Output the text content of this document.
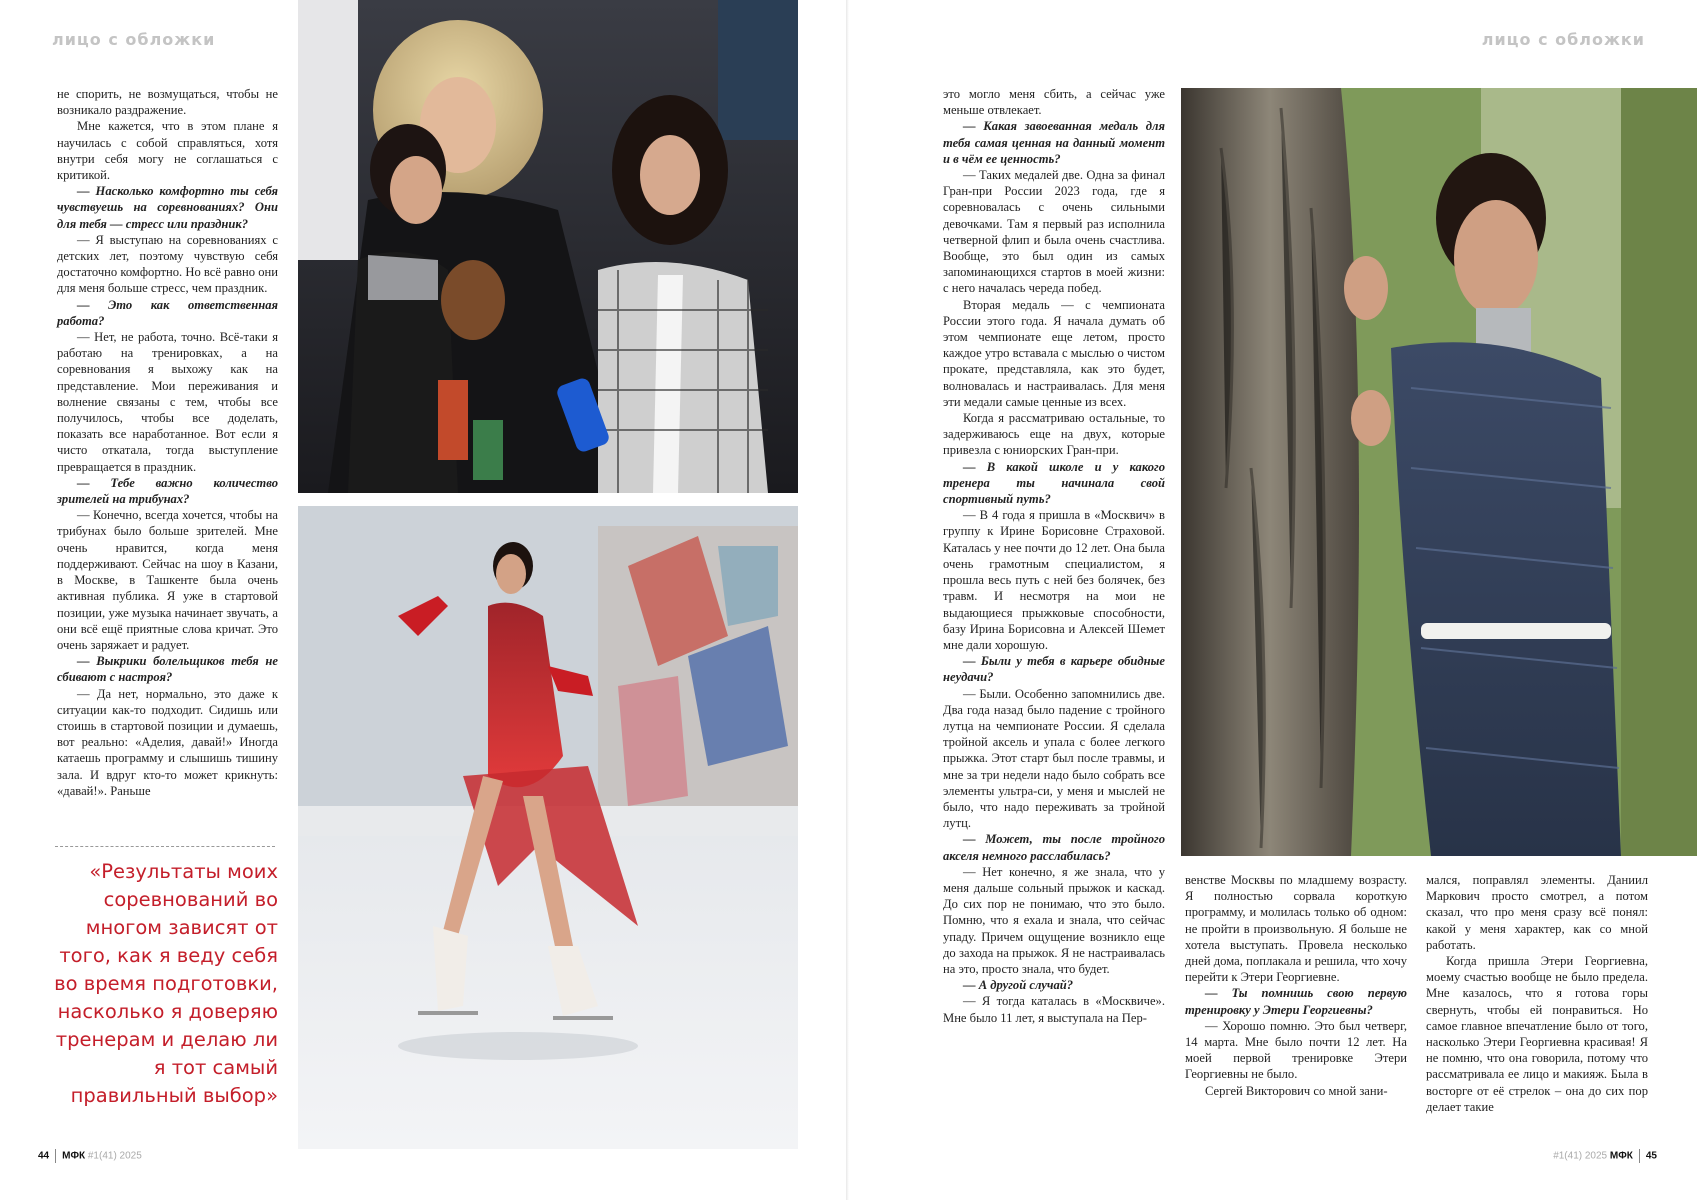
лицо с обложки

не спорить, не возмущаться, чтобы не возникало раздражение.

Мне кажется, что в этом плане я научилась с собой справляться, хотя внутри себя могу не соглашаться с критикой.

— Насколько комфортно ты себя чувствуешь на соревнованиях? Они для тебя — стресс или праздник?

— Я выступаю на соревнованиях с детских лет, поэтому чувствую себя достаточно комфортно. Но всё равно они для меня больше стресс, чем праздник.

— Это как ответственная работа?

— Нет, не работа, точно. Всё-таки я работаю на тренировках, а на соревнования я выхожу как на представление. Мои переживания и волнение связаны с тем, чтобы все получилось, чтобы все доделать, показать все наработанное. Вот если я чисто откатала, тогда выступление превращается в праздник.

— Тебе важно количество зрителей на трибунах?

— Конечно, всегда хочется, чтобы на трибунах было больше зрителей. Мне очень нравится, когда меня поддерживают. Сейчас на шоу в Казани, в Москве, в Ташкенте была очень активная публика. Я уже в стартовой позиции, уже музыка начинает звучать, а они всё ещё приятные слова кричат. Это очень заряжает и радует.

— Выкрики болельщиков тебя не сбивают с настроя?

— Да нет, нормально, это даже к ситуации как-то подходит. Сидишь или стоишь в стартовой позиции и думаешь, вот реально: «Аделия, давай!» Иногда катаешь программу и слышишь тишину зала. И вдруг кто-то может крикнуть: «давай!». Раньше

«Результаты моих соревнований во многом зависят от того, как я веду себя во время подготовки, насколько я доверяю тренерам и делаю ли я тот самый правильный выбор»
44 МФК #1(41) 2025
лицо с обложки

это могло меня сбить, а сейчас уже меньше отвлекает.

— Какая завоеванная медаль для тебя самая ценная на данный момент и в чём ее ценность?

— Таких медалей две. Одна за финал Гран-при России 2023 года, где я соревновалась с очень сильными девочками. Там я первый раз исполнила четверной флип и была очень счастлива. Вообще, это был один из самых запоминающихся стартов в моей жизни: с него началась череда побед.

Вторая медаль — с чемпионата России этого года. Я начала думать об этом чемпионате еще летом, просто каждое утро вставала с мыслью о чистом прокате, представляла, как это будет, волновалась и настраивалась. Для меня эти медали самые ценные из всех.

Когда я рассматриваю остальные, то задерживаюсь еще на двух, которые привезла с юниорских Гран-при.

— В какой школе и у какого тренера ты начинала свой спортивный путь?

— В 4 года я пришла в «Москвич» в группу к Ирине Борисовне Страховой. Каталась у нее почти до 12 лет. Она была очень грамотным специалистом, я прошла весь путь с ней без болячек, без травм. И несмотря на мои не выдающиеся прыжковые способности, базу Ирина Борисовна и Алексей Шемет мне дали хорошую.

— Были у тебя в карьере обидные неудачи?

— Были. Особенно запомнились две. Два года назад было падение с тройного лутца на чемпионате России. Я сделала тройной аксель и упала с более легкого прыжка. Этот старт был после травмы, и мне за три недели надо было собрать все элементы ультра-си, у меня и мыслей не было, что надо переживать за тройной лутц.

— Может, ты после тройного акселя немного расслабилась?

— Нет конечно, я же знала, что у меня дальше сольный прыжок и каскад. До сих пор не понимаю, что это было. Помню, что я ехала и знала, что сейчас упаду. Причем ощущение возникло еще до захода на прыжок. Я не настраивалась на это, просто знала, что будет.

— А другой случай?

— Я тогда каталась в «Москвиче». Мне было 11 лет, я выступала на Пер-

венстве Москвы по младшему возрасту. Я полностью сорвала короткую программу, и молилась только об одном: не пройти в произвольную. Я больше не хотела выступать. Провела несколько дней дома, поплакала и решила, что хочу перейти к Этери Георгиевне.

— Ты помнишь свою первую тренировку у Этери Георгиевны?

— Хорошо помню. Это был четверг, 14 марта. Мне было почти 12 лет. На моей первой тренировке Этери Георгиевны не было.

Сергей Викторович со мной зани-

мался, поправлял элементы. Даниил Маркович просто смотрел, а потом сказал, что про меня сразу всё понял: какой у меня характер, как со мной работать.

Когда пришла Этери Георгиевна, моему счастью вообще не было предела. Мне казалось, что я готова горы свернуть, чтобы ей понравиться. Но самое главное впечатление было от того, насколько Этери Георгиевна красивая! Я не помню, что она говорила, потому что рассматривала ее лицо и макияж. Была в восторге от её стрелок – она до сих пор делает такие

#1(41) 2025 МФК 45
